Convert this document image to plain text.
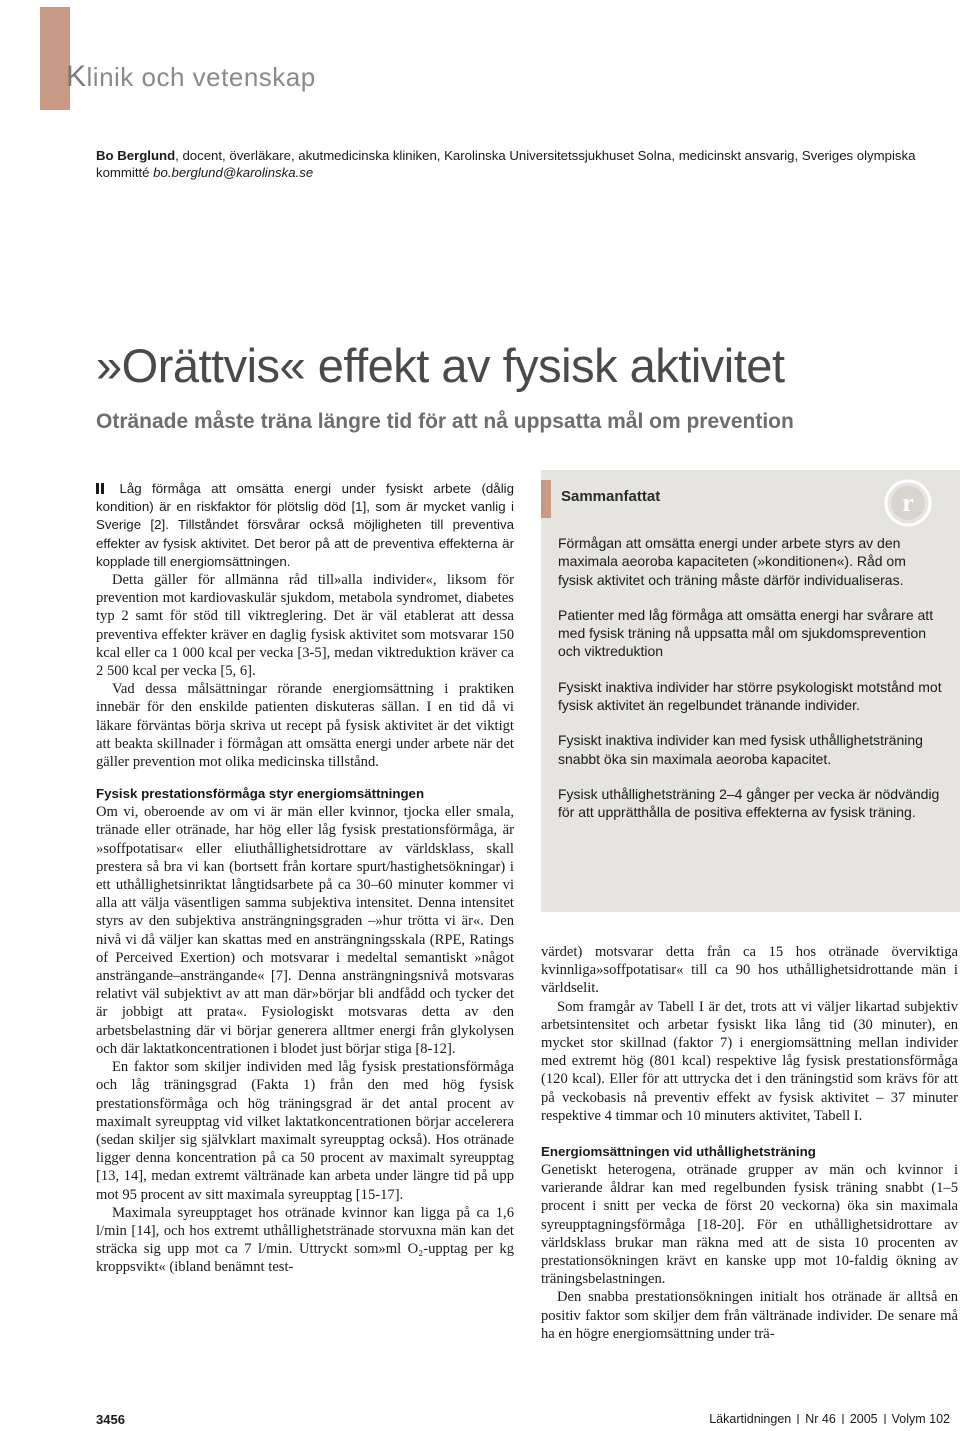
Klinik och vetenskap
Bo Berglund, docent, överläkare, akutmedicinska kliniken, Karolinska Universitetssjukhuset Solna, medicinskt ansvarig, Sveriges olympiska kommitté bo.berglund@karolinska.se
»Orättvis« effekt av fysisk aktivitet
Otränade måste träna längre tid för att nå uppsatta mål om prevention

Låg förmåga att omsätta energi under fysiskt arbete (dålig kondition) är en riskfaktor för plötslig död [1], som är mycket vanlig i Sverige [2]. Tillståndet försvårar också möjligheten till preventiva effekter av fysisk aktivitet. Det beror på att de preventiva effekterna är kopplade till energiomsättningen.

Detta gäller för allmänna råd till»alla individer«, liksom för prevention mot kardiovaskulär sjukdom, metabola syndromet, diabetes typ 2 samt för stöd till viktreglering. Det är väl etablerat att dessa preventiva effekter kräver en daglig fysisk aktivitet som motsvarar 150 kcal eller ca 1 000 kcal per vecka [3-5], medan viktreduktion kräver ca 2 500 kcal per vecka [5, 6].

Vad dessa målsättningar rörande energiomsättning i praktiken innebär för den enskilde patienten diskuteras sällan. I en tid då vi läkare förväntas börja skriva ut recept på fysisk aktivitet är det viktigt att beakta skillnader i förmågan att omsätta energi under arbete när det gäller prevention mot olika medicinska tillstånd.

Fysisk prestationsförmåga styr energiomsättningen

Om vi, oberoende av om vi är män eller kvinnor, tjocka eller smala, tränade eller otränade, har hög eller låg fysisk prestationsförmåga, är »soffpotatisar« eller eliuthållighetsidrottare av världsklass, skall prestera så bra vi kan (bortsett från kortare spurt/hastighetsökningar) i ett uthållighetsinriktat långtidsarbete på ca 30–60 minuter kommer vi alla att välja väsentligen samma subjektiva intensitet. Denna intensitet styrs av den subjektiva ansträngningsgraden –»hur trötta vi är«. Den nivå vi då väljer kan skattas med en ansträngningsskala (RPE, Ratings of Perceived Exertion) och motsvarar i medeltal semantiskt »något ansträngande–ansträngande« [7]. Denna ansträngningsnivå motsvaras relativt väl subjektivt av att man där»börjar bli andfådd och tycker det är jobbigt att prata«. Fysiologiskt motsvaras detta av den arbetsbelastning där vi börjar generera alltmer energi från glykolysen och där laktatkoncentrationen i blodet just börjar stiga [8-12].

En faktor som skiljer individen med låg fysisk prestationsförmåga och låg träningsgrad (Fakta 1) från den med hög fysisk prestationsförmåga och hög träningsgrad är det antal procent av maximalt syreupptag vid vilket laktatkoncentrationen börjar accelerera (sedan skiljer sig självklart maximalt syreupptag också). Hos otränade ligger denna koncentration på ca 50 procent av maximalt syreupptag [13, 14], medan extremt vältränade kan arbeta under längre tid på upp mot 95 procent av sitt maximala syreupptag [15-17].

Maximala syreupptaget hos otränade kvinnor kan ligga på ca 1,6 l/min [14], och hos extremt uthållighetstränade storvuxna män kan det sträcka sig upp mot ca 7 l/min. Uttryckt som»ml O₂-upptag per kg kroppsvikt« (ibland benämnt test-

Sammanfattat	r

Förmågan att omsätta energi under arbete styrs av den maximala aeoroba kapaciteten (»konditionen«). Råd om fysisk aktivitet och träning måste därför individualiseras.

Patienter med låg förmåga att omsätta energi har svårare att med fysisk träning nå uppsatta mål om sjukdomsprevention och viktreduktion

Fysiskt inaktiva individer har större psykologiskt motstånd mot fysisk aktivitet än regelbundet tränande individer.

Fysiskt inaktiva individer kan med fysisk uthållighetsträning snabbt öka sin maximala aeoroba kapacitet.

Fysisk uthållighetsträning 2–4 gånger per vecka är nödvändig för att upprätthålla de positiva effekterna av fysisk träning.

värdet) motsvarar detta från ca 15 hos otränade överviktiga kvinnliga»soffpotatisar« till ca 90 hos uthållighetsidrottande män i världselit.

Som framgår av Tabell I är det, trots att vi väljer likartad subjektiv arbetsintensitet och arbetar fysiskt lika lång tid (30 minuter), en mycket stor skillnad (faktor 7) i energiomsättning mellan individer med extremt hög (801 kcal) respektive låg fysisk prestationsförmåga (120 kcal). Eller för att uttrycka det i den träningstid som krävs för att på veckobasis nå preventiv effekt av fysisk aktivitet – 37 minuter respektive 4 timmar och 10 minuters aktivitet, Tabell I.

Energiomsättningen vid uthållighetsträning

Genetiskt heterogena, otränade grupper av män och kvinnor i varierande åldrar kan med regelbunden fysisk träning snabbt (1–5 procent i snitt per vecka de först 20 veckorna) öka sin maximala syreupptagningsförmåga [18-20]. För en uthållighetsidrottare av världsklass brukar man räkna med att de sista 10 procenten av prestationsökningen krävt en kanske upp mot 10-faldig ökning av träningsbelastningen.

Den snabba prestationsökningen initialt hos otränade är alltså en positiv faktor som skiljer dem från vältränade individer. De senare må ha en högre energiomsättning under trä-

3456	Läkartidningen Nr 46 2005 Volym 102
